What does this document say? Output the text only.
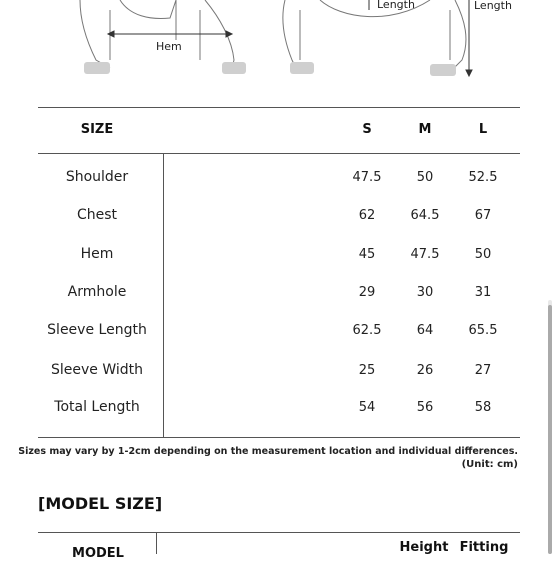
Hem
Length	Length
SIZE	S	M	L
Shoulder	47.5	50	52.5
Chest	62	64.5	67
Hem	45	47.5	50
Armhole	29	30	31
Sleeve Length	62.5	64	65.5
Sleeve Width	25	26	27
Total Length	54	56	58
Sizes may vary by 1-2cm depending on the measurement location and individual differences.
(Unit: cm)
[MODEL SIZE]
MODEL	Height Fitting
